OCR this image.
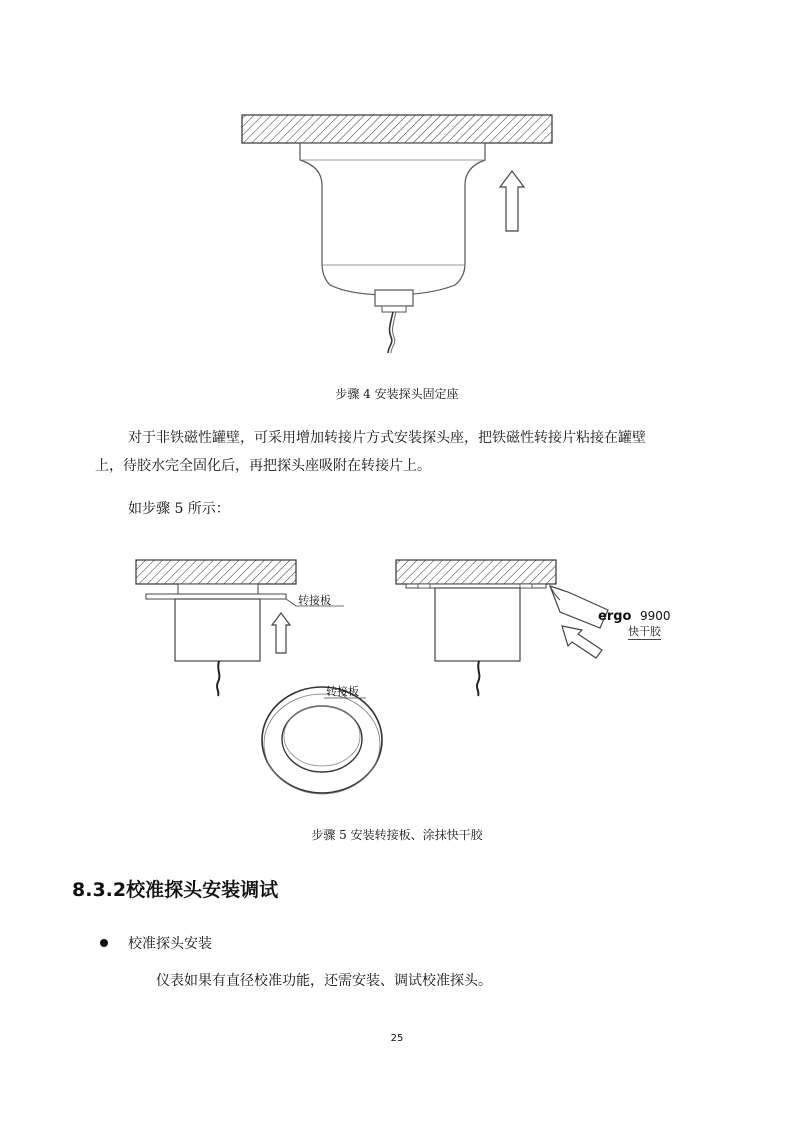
步骤 4 安装探头固定座
对于非铁磁性罐壁，可采用增加转接片方式安装探头座，把铁磁性转接片粘接在罐壁
上，待胶水完全固化后，再把探头座吸附在转接片上。
如步骤 5 所示：
转接板
ergo 9900
转接板
快干胶
步骤 5 安装转接板、涂抹快干胶
8.3.2校准探头安装调试
校准探头安装
仪表如果有直径校准功能，还需安装、调试校准探头。
25
